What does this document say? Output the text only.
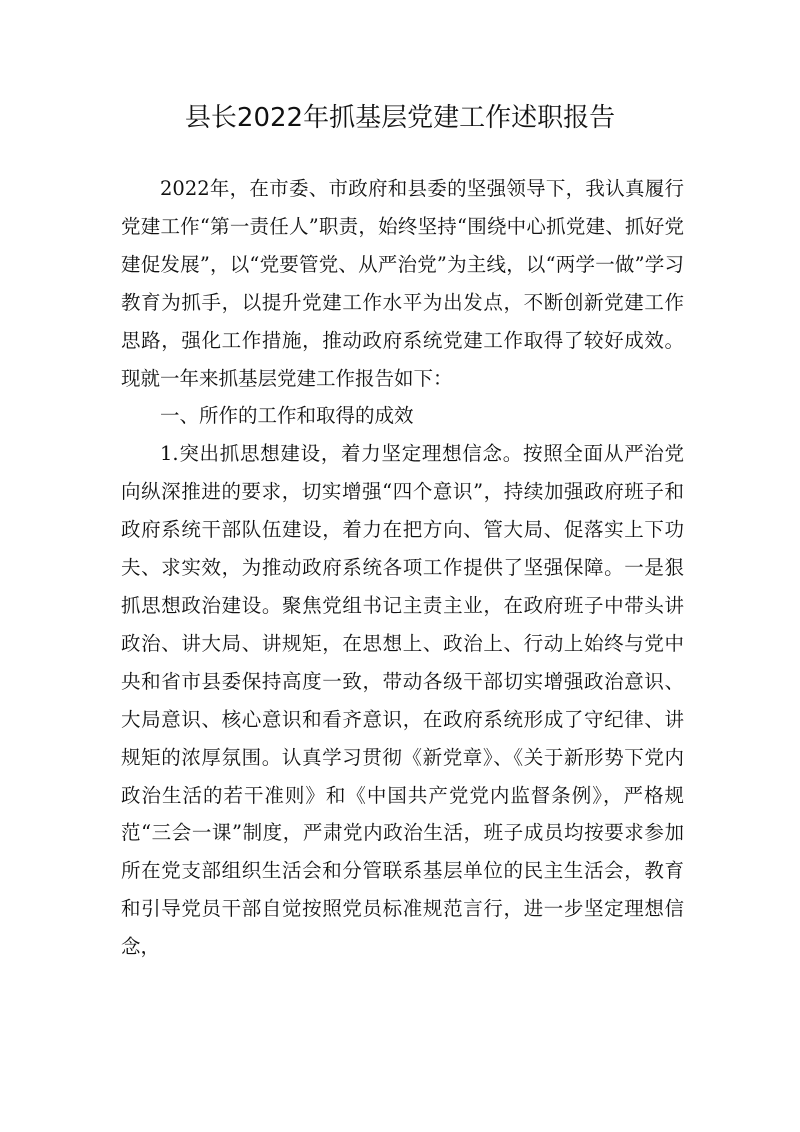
县长2022年抓基层党建工作述职报告

2022年，在市委、市政府和县委的坚强领导下，我认真履行党建工作“第一责任人”职责，始终坚持“围绕中心抓党建、抓好党建促发展”，以“党要管党、从严治党”为主线，以“两学一做”学习教育为抓手，以提升党建工作水平为出发点，不断创新党建工作思路，强化工作措施，推动政府系统党建工作取得了较好成效。现就一年来抓基层党建工作报告如下：

一、所作的工作和取得的成效

1.突出抓思想建设，着力坚定理想信念。按照全面从严治党向纵深推进的要求，切实增强“四个意识”，持续加强政府班子和政府系统干部队伍建设，着力在把方向、管大局、促落实上下功夫、求实效，为推动政府系统各项工作提供了坚强保障。一是狠抓思想政治建设。聚焦党组书记主责主业，在政府班子中带头讲政治、讲大局、讲规矩，在思想上、政治上、行动上始终与党中央和省市县委保持高度一致，带动各级干部切实增强政治意识、大局意识、核心意识和看齐意识，在政府系统形成了守纪律、讲规矩的浓厚氛围。认真学习贯彻《新党章》、《关于新形势下党内政治生活的若干准则》和《中国共产党党内监督条例》，严格规范“三会一课”制度，严肃党内政治生活，班子成员均按要求参加所在党支部组织生活会和分管联系基层单位的民主生活会，教育和引导党员干部自觉按照党员标准规范言行，进一步坚定理想信念，
